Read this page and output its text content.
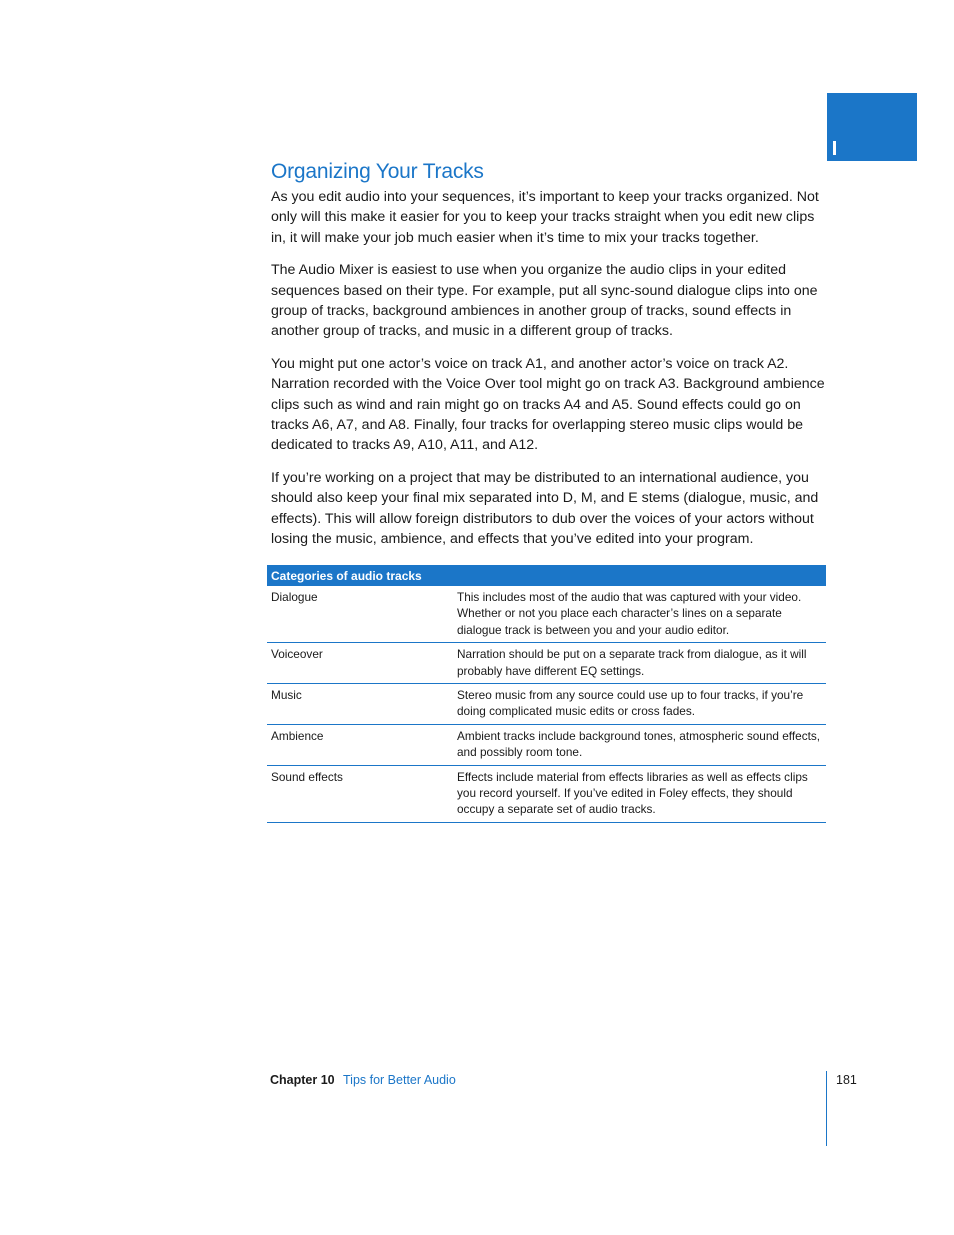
Organizing Your Tracks

As you edit audio into your sequences, it’s important to keep your tracks organized. Not only will this make it easier for you to keep your tracks straight when you edit new clips in, it will make your job much easier when it’s time to mix your tracks together.

The Audio Mixer is easiest to use when you organize the audio clips in your edited sequences based on their type. For example, put all sync-sound dialogue clips into one group of tracks, background ambiences in another group of tracks, sound effects in another group of tracks, and music in a different group of tracks.

You might put one actor’s voice on track A1, and another actor’s voice on track A2. Narration recorded with the Voice Over tool might go on track A3. Background ambience clips such as wind and rain might go on tracks A4 and A5. Sound effects could go on tracks A6, A7, and A8. Finally, four tracks for overlapping stereo music clips would be dedicated to tracks A9, A10, A11, and A12.

If you’re working on a project that may be distributed to an international audience, you should also keep your final mix separated into D, M, and E stems (dialogue, music, and effects). This will allow foreign distributors to dub over the voices of your actors without losing the music, ambience, and effects that you’ve edited into your program.

Categories of audio tracks	
Dialogue	This includes most of the audio that was captured with your video. Whether or not you place each character’s lines on a separate dialogue track is between you and your audio editor.
Voiceover	Narration should be put on a separate track from dialogue, as it will probably have different EQ settings.
Music	Stereo music from any source could use up to four tracks, if you’re doing complicated music edits or cross fades.
Ambience	Ambient tracks include background tones, atmospheric sound effects, and possibly room tone.
Sound effects	Effects include material from effects libraries as well as effects clips you record yourself. If you’ve edited in Foley effects, they should occupy a separate set of audio tracks.
Chapter 10 Tips for Better Audio	181
